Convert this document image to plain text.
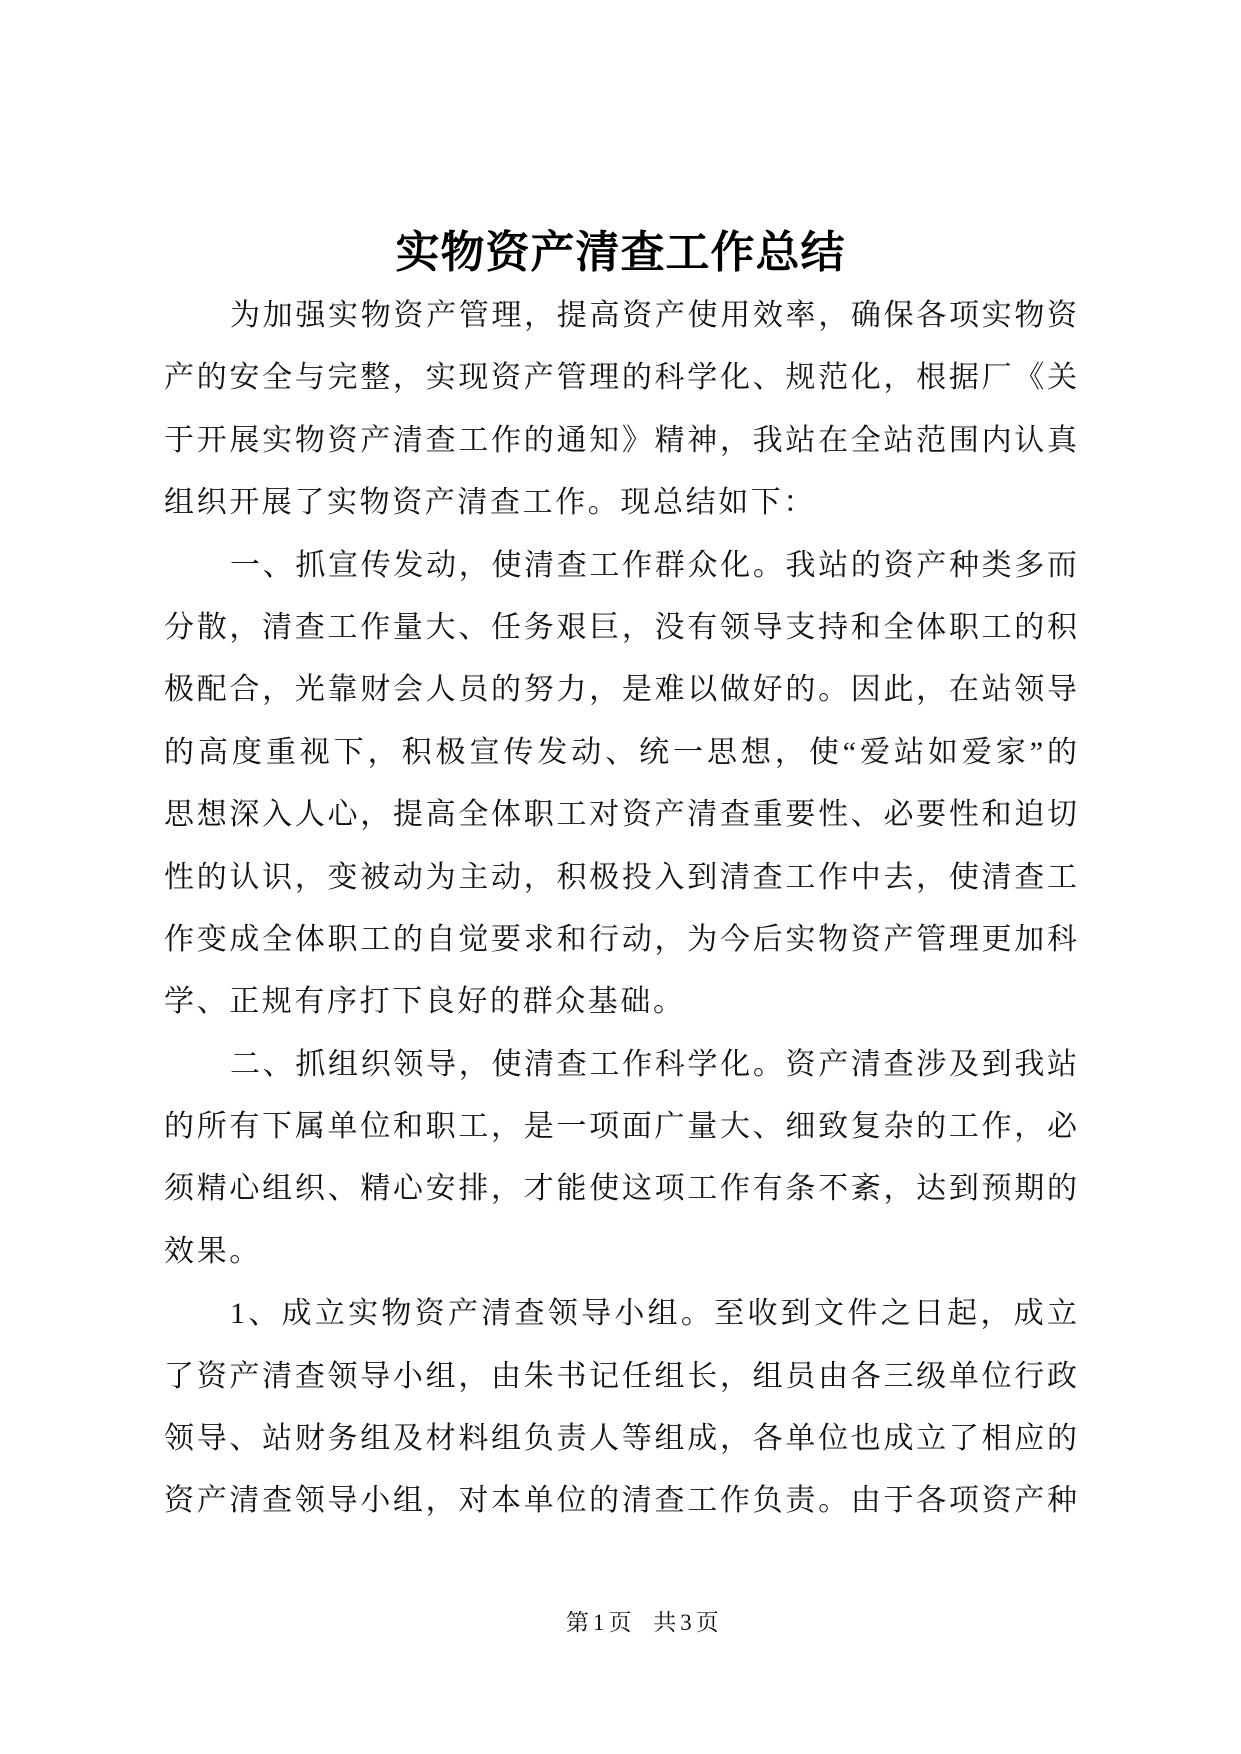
实物资产清查工作总结
为加强实物资产管理，提高资产使用效率，确保各项实物资
产的安全与完整，实现资产管理的科学化、规范化，根据厂《关
于开展实物资产清查工作的通知》精神，我站在全站范围内认真
组织开展了实物资产清查工作。现总结如下：
一、抓宣传发动，使清查工作群众化。我站的资产种类多而
分散，清查工作量大、任务艰巨，没有领导支持和全体职工的积
极配合，光靠财会人员的努力，是难以做好的。因此，在站领导
的高度重视下，积极宣传发动、统一思想，使“爱站如爱家”的
思想深入人心，提高全体职工对资产清查重要性、必要性和迫切
性的认识，变被动为主动，积极投入到清查工作中去，使清查工
作变成全体职工的自觉要求和行动，为今后实物资产管理更加科
学、正规有序打下良好的群众基础。
二、抓组织领导，使清查工作科学化。资产清查涉及到我站
的所有下属单位和职工，是一项面广量大、细致复杂的工作，必
须精心组织、精心安排，才能使这项工作有条不紊，达到预期的
效果。
1、成立实物资产清查领导小组。至收到文件之日起，成立
了资产清查领导小组，由朱书记任组长，组员由各三级单位行政
领导、站财务组及材料组负责人等组成，各单位也成立了相应的
资产清查领导小组，对本单位的清查工作负责。由于各项资产种
第1页 共3页
